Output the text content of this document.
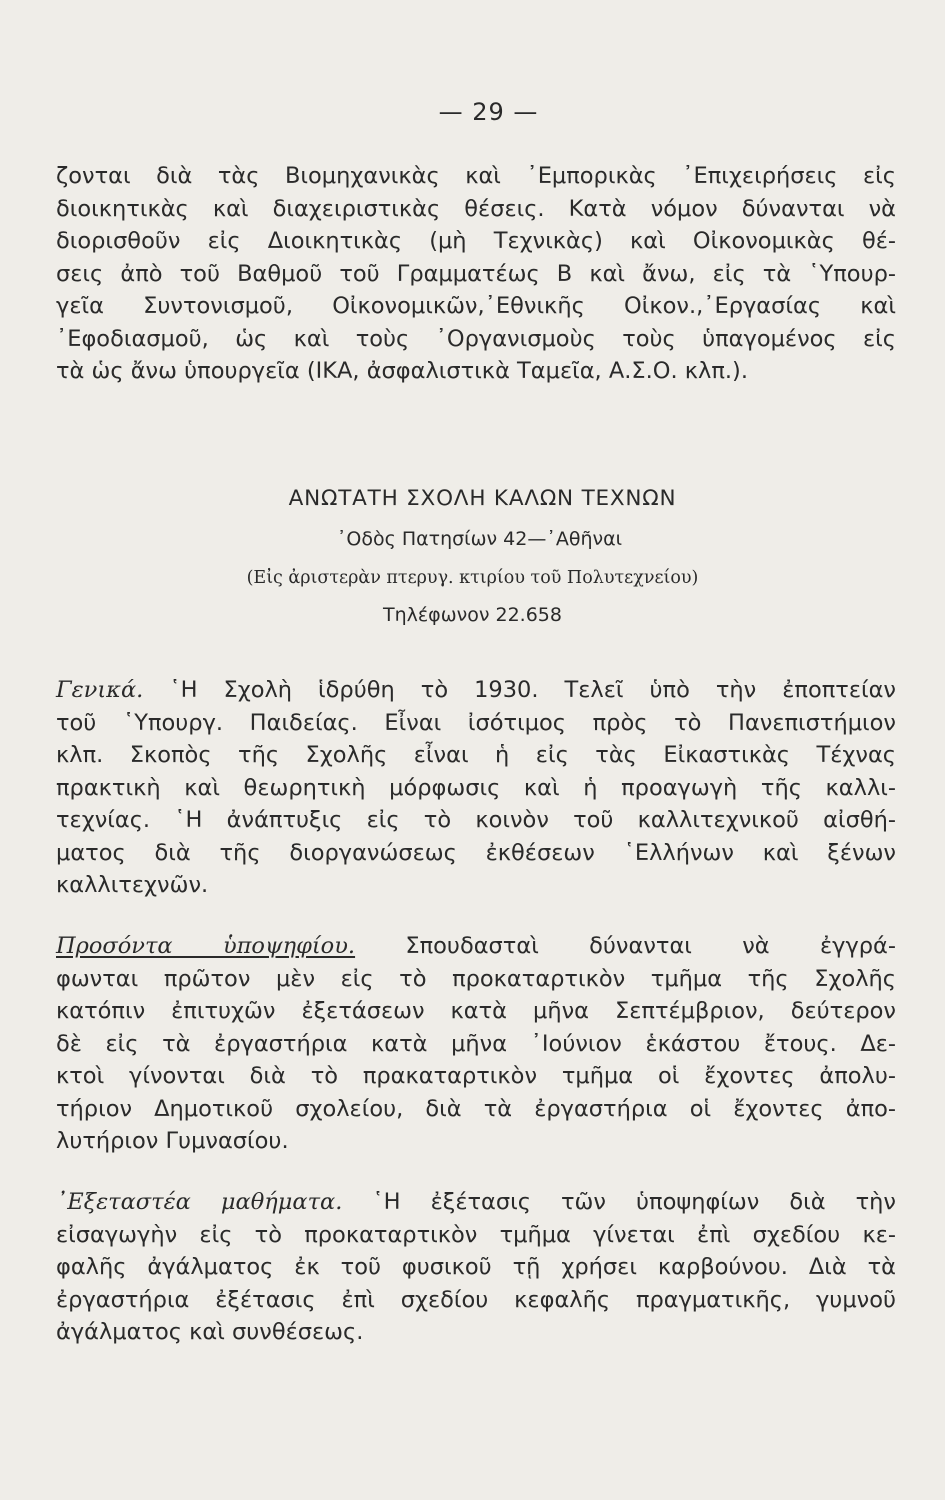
— 29 —
ζονται διὰ τὰς Βιομηχανικὰς καὶ ᾿Εμπορικὰς ᾿Επιχειρήσεις εἰς
διοικητικὰς καὶ διαχειριστικὰς θέσεις. Κατὰ νόμον δύνανται νὰ
διορισθοῦν εἰς Διοικητικὰς (μὴ Τεχνικὰς) καὶ Οἰκονομικὰς θέ-
σεις ἀπὸ τοῦ Βαθμοῦ τοῦ Γραμματέως Β καὶ ἄνω, εἰς τὰ ῾Υπουρ-
γεῖα Συντονισμοῦ, Οἰκονομικῶν,᾿Εθνικῆς Οἰκον.,᾿Εργασίας καὶ
᾿Εφοδιασμοῦ, ὡς καὶ τοὺς ᾿Οργανισμοὺς τοὺς ὑπαγομένος εἰς
τὰ ὡς ἄνω ὑπουργεῖα (ΙΚΑ, ἀσφαλιστικὰ Ταμεῖα, Α.Σ.Ο. κλπ.).
ΑΝΩΤΑΤΗ ΣΧΟΛΗ ΚΑΛΩΝ ΤΕΧΝΩΝ
᾿Οδὸς Πατησίων 42—᾿Αθῆναι
(Εἰς ἀριστερὰν πτερυγ. κτιρίου τοῦ Πολυτεχνείου)
Τηλέφωνον 22.658
Γενικά. ῾Η Σχολὴ ἱδρύθη τὸ 1930. Τελεῖ ὑπὸ τὴν ἐποπτείαν
τοῦ ῾Υπουργ. Παιδείας. Εἶναι ἰσότιμος πρὸς τὸ Πανεπιστήμιον
κλπ. Σκοπὸς τῆς Σχολῆς εἶναι ἡ εἰς τὰς Εἰκαστικὰς Τέχνας
πρακτικὴ καὶ θεωρητικὴ μόρφωσις καὶ ἡ προαγωγὴ τῆς καλλι-
τεχνίας. ῾Η ἀνάπτυξις εἰς τὸ κοινὸν τοῦ καλλιτεχνικοῦ αἰσθή-
ματος διὰ τῆς διοργανώσεως ἐκθέσεων ῾Ελλήνων καὶ ξένων
καλλιτεχνῶν.
Προσόντα ὑποψηφίου. Σπουδασταὶ δύνανται νὰ ἐγγρά-
φωνται πρῶτον μὲν εἰς τὸ προκαταρτικὸν τμῆμα τῆς Σχολῆς
κατόπιν ἐπιτυχῶν ἐξετάσεων κατὰ μῆνα Σεπτέμβριον, δεύτερον
δὲ εἰς τὰ ἐργαστήρια κατὰ μῆνα ᾿Ιούνιον ἑκάστου ἔτους. Δε-
κτοὶ γίνονται διὰ τὸ πρακαταρτικὸν τμῆμα οἱ ἔχοντες ἀπολυ-
τήριον Δημοτικοῦ σχολείου, διὰ τὰ ἐργαστήρια οἱ ἔχοντες ἀπο-
λυτήριον Γυμνασίου.
᾿Εξεταστέα μαθήματα. ῾Η ἐξέτασις τῶν ὑποψηφίων διὰ τὴν
εἰσαγωγὴν εἰς τὸ προκαταρτικὸν τμῆμα γίνεται ἐπὶ σχεδίου κε-
φαλῆς ἀγάλματος ἐκ τοῦ φυσικοῦ τῇ χρήσει καρβούνου. Διὰ τὰ
ἐργαστήρια ἐξέτασις ἐπὶ σχεδίου κεφαλῆς πραγματικῆς, γυμνοῦ
ἀγάλματος καὶ συνθέσεως.
